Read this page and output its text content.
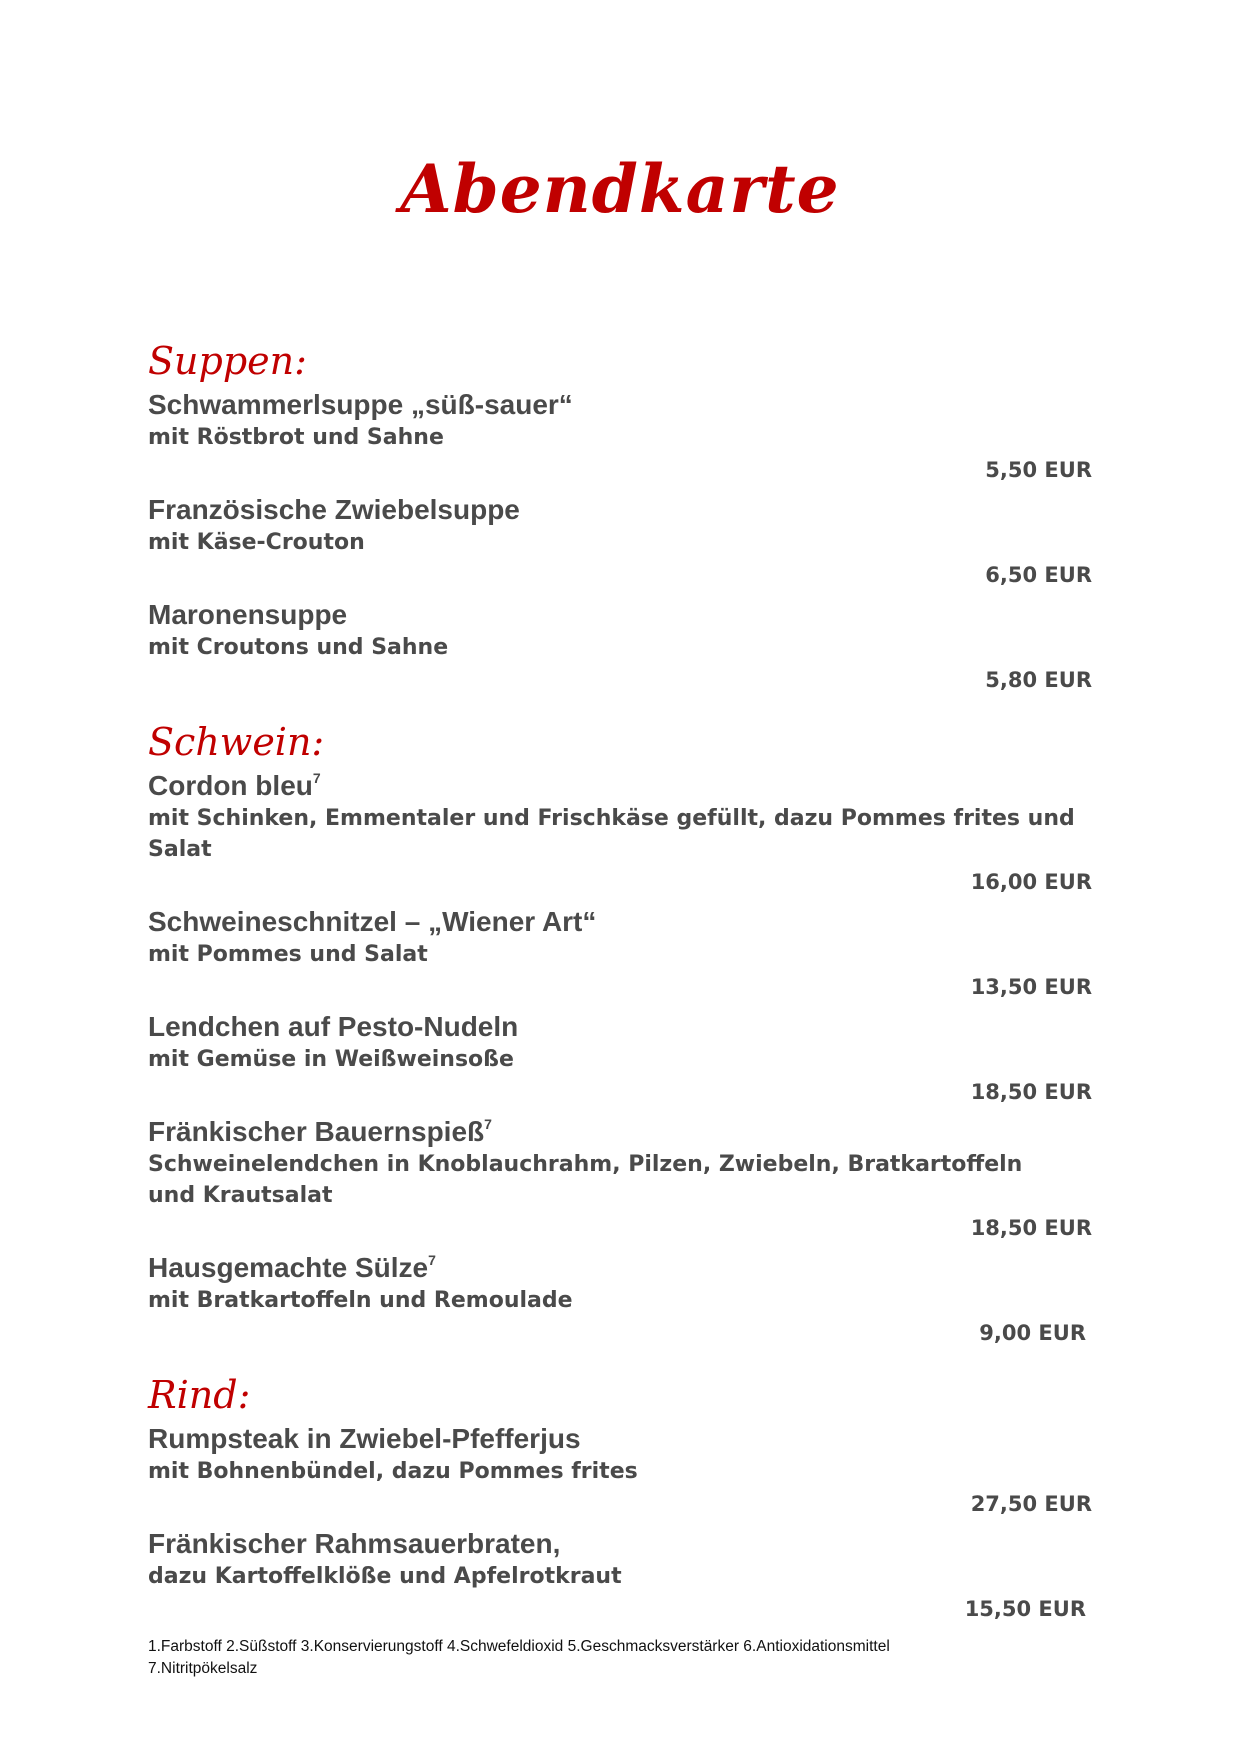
Abendkarte
Suppen:
Schwammerlsuppe „süß-sauer“
mit Röstbrot und Sahne
5,50 EUR
Französische Zwiebelsuppe
mit Käse-Crouton
6,50 EUR
Maronensuppe
mit Croutons und Sahne
5,80 EUR
Schwein:
Cordon bleu$^7$
mit Schinken, Emmentaler und Frischkäse gefüllt, dazu Pommes frites und Salat
16,00 EUR
Schweineschnitzel – „Wiener Art“
mit Pommes und Salat
13,50 EUR
Lendchen auf Pesto-Nudeln
mit Gemüse in Weißweinsoße
18,50 EUR
Fränkischer Bauernspieß$^7$
Schweinelendchen in Knoblauchrahm, Pilzen, Zwiebeln, Bratkartoffeln und Krautsalat
18,50 EUR
Hausgemachte Sülze$^7$
mit Bratkartoffeln und Remoulade
9,00 EUR
Rind:
Rumpsteak in Zwiebel-Pfefferjus
mit Bohnenbündel, dazu Pommes frites
27,50 EUR
Fränkischer Rahmsauerbraten,
dazu Kartoffelklöße und Apfelrotkraut
15,50 EUR
1.Farbstoff 2.Süßstoff 3.Konservierungstoff 4.Schwefeldioxid 5.Geschmacksverstärker 6.Antioxidationsmittel
7.Nitritpökelsalz
